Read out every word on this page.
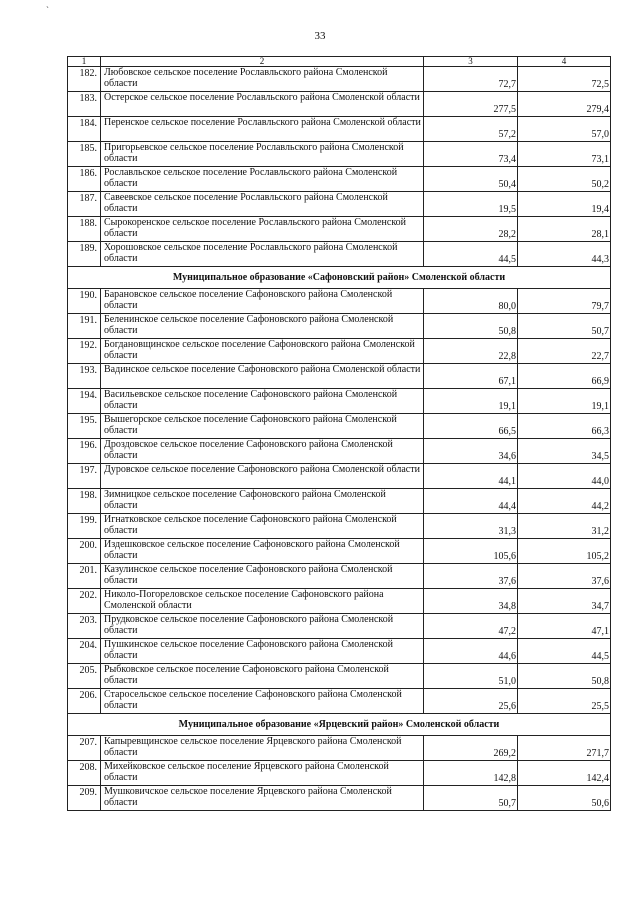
`
33
1	2	3	4
182.	Любовское сельское поселение Рославльского района Смоленской области	72,7	72,5
183.	Остерское сельское поселение Рославльского района Смоленской области	277,5	279,4
184.	Перенское сельское поселение Рославльского района Смоленской области	57,2	57,0
185.	Пригорьевское сельское поселение Рославльского района Смоленской области	73,4	73,1
186.	Рославльское сельское поселение Рославльского района Смоленской области	50,4	50,2
187.	Савеевское сельское поселение Рославльского района Смоленской области	19,5	19,4
188.	Сырокоренское сельское поселение Рославльского района Смоленской области	28,2	28,1
189.	Хорошовское сельское поселение Рославльского района Смоленской области	44,5	44,3
Муниципальное образование «Сафоновский район» Смоленской области			
190.	Барановское сельское поселение Сафоновского района Смоленской области	80,0	79,7
191.	Беленинское сельское поселение Сафоновского района Смоленской области	50,8	50,7
192.	Богдановщинское сельское поселение Сафоновского района Смоленской области	22,8	22,7
193.	Вадинское сельское поселение Сафоновского района Смоленской области	67,1	66,9
194.	Васильевское сельское поселение Сафоновского района Смоленской области	19,1	19,1
195.	Вышегорское сельское поселение Сафоновского района Смоленской области	66,5	66,3
196.	Дроздовское сельское поселение Сафоновского района Смоленской области	34,6	34,5
197.	Дуровское сельское поселение Сафоновского района Смоленской области	44,1	44,0
198.	Зимницкое сельское поселение Сафоновского района Смоленской области	44,4	44,2
199.	Игнатковское сельское поселение Сафоновского района Смоленской области	31,3	31,2
200.	Издешковское сельское поселение Сафоновского района Смоленской области	105,6	105,2
201.	Казулинское сельское поселение Сафоновского района Смоленской области	37,6	37,6
202.	Николо-Погореловское сельское поселение Сафоновского района Смоленской области	34,8	34,7
203.	Прудковское сельское поселение Сафоновского района Смоленской области	47,2	47,1
204.	Пушкинское сельское поселение Сафоновского района Смоленской области	44,6	44,5
205.	Рыбковское сельское поселение Сафоновского района Смоленской области	51,0	50,8
206.	Старосельское сельское поселение Сафоновского района Смоленской области	25,6	25,5
Муниципальное образование «Ярцевский район» Смоленской области			
207.	Капыревщинское сельское поселение Ярцевского района Смоленской области	269,2	271,7
208.	Михейковское сельское поселение Ярцевского района Смоленской области	142,8	142,4
209.	Мушковичское сельское поселение Ярцевского района Смоленской области	50,7	50,6
